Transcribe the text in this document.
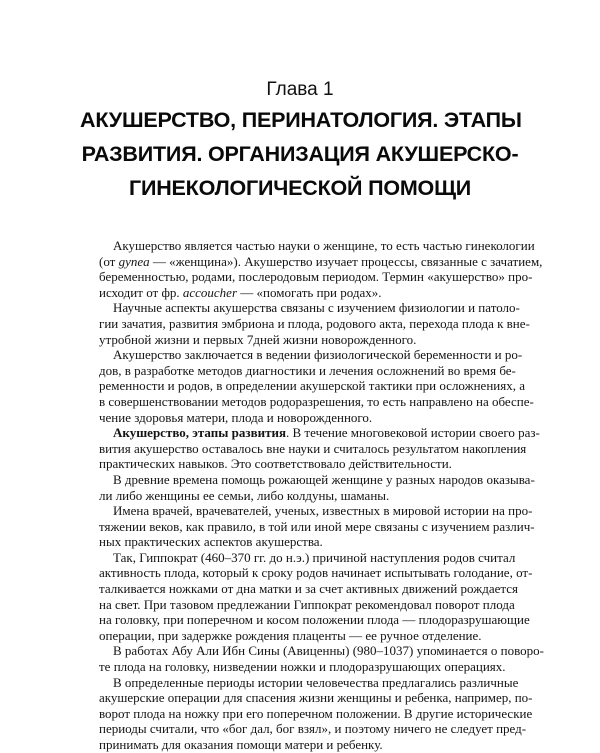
Глава 1
АКУШЕРСТВО, ПЕРИНАТОЛОГИЯ. ЭТАПЫ
РАЗВИТИЯ. ОРГАНИЗАЦИЯ АКУШЕРСКО-
ГИНЕКОЛОГИЧЕСКОЙ ПОМОЩИ

Акушерство является частью науки о женщине, то есть частью гинекологии
(от gynea — «женщина»). Акушерство изучает процессы, связанные с зачатием,
беременностью, родами, послеродовым периодом. Термин «акушерство» про-
исходит от фр. accoucher — «помогать при родах».

Научные аспекты акушерства связаны с изучением физиологии и патоло-
гии зачатия, развития эмбриона и плода, родового акта, перехода плода к вне-
утробной жизни и первых 7дней жизни новорожденного.

Акушерство заключается в ведении физиологической беременности и ро-
дов, в разработке методов диагностики и лечения осложнений во время бе-
ременности и родов, в определении акушерской тактики при осложнениях, а
в совершенствовании методов родоразрешения, то есть направлено на обеспе-
чение здоровья матери, плода и новорожденного.

Акушерство, этапы развития. В течение многовековой истории своего раз-
вития акушерство оставалось вне науки и считалось результатом накопления
практических навыков. Это соответствовало действительности.

В древние времена помощь рожающей женщине у разных народов оказыва-
ли либо женщины ее семьи, либо колдуны, шаманы.

Имена врачей, врачевателей, ученых, известных в мировой истории на про-
тяжении веков, как правило, в той или иной мере связаны с изучением различ-
ных практических аспектов акушерства.

Так, Гиппократ (460–370 гг. до н.э.) причиной наступления родов считал
активность плода, который к сроку родов начинает испытывать голодание, от-
талкивается ножками от дна матки и за счет активных движений рождается
на свет. При тазовом предлежании Гиппократ рекомендовал поворот плода
на головку, при поперечном и косом положении плода — плодоразрушающие
операции, при задержке рождения плаценты — ее ручное отделение.

В работах Абу Али Ибн Сины (Авиценны) (980–1037) упоминается о поворо-
те плода на головку, низведении ножки и плодоразрушающих операциях.

В определенные периоды истории человечества предлагались различные
акушерские операции для спасения жизни женщины и ребенка, например, по-
ворот плода на ножку при его поперечном положении. В другие исторические
периоды считали, что «бог дал, бог взял», и поэтому ничего не следует пред-
принимать для оказания помощи матери и ребенку.
